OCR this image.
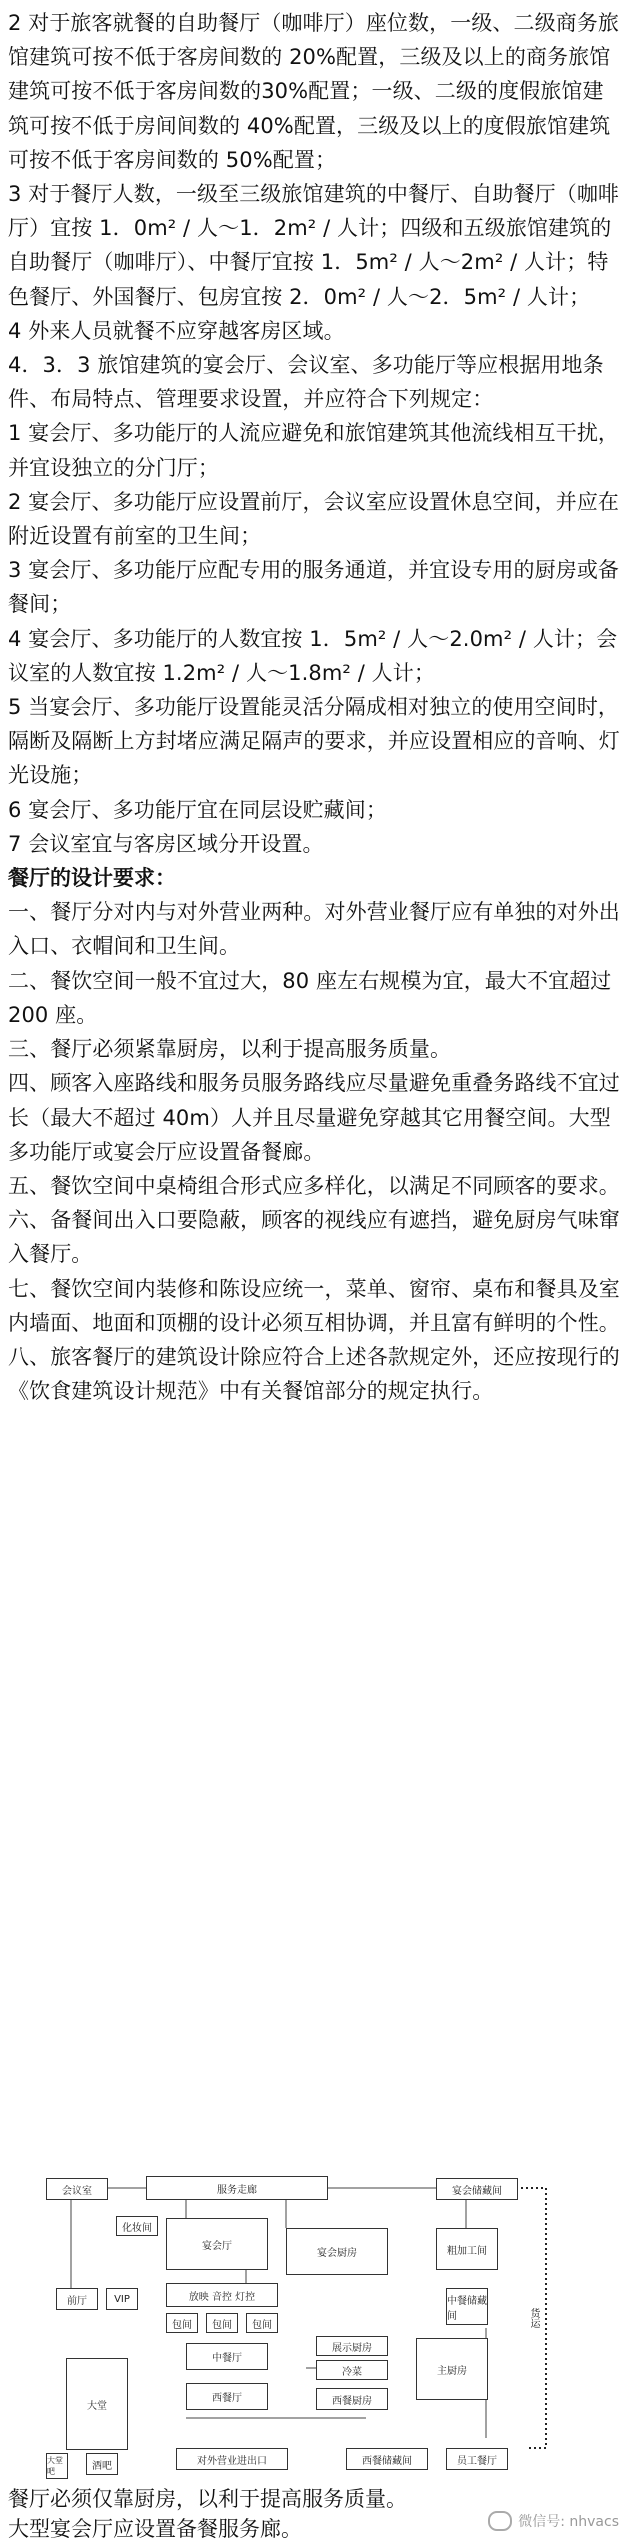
2 对于旅客就餐的自助餐厅（咖啡厅）座位数，一级、二级商务旅馆建筑可按不低于客房间数的 20%配置，三级及以上的商务旅馆建筑可按不低于客房间数的30%配置；一级、二级的度假旅馆建筑可按不低于房间间数的 40%配置，三级及以上的度假旅馆建筑可按不低于客房间数的 50%配置；

3 对于餐厅人数，一级至三级旅馆建筑的中餐厅、自助餐厅（咖啡厅）宜按 1．0m² / 人～1．2m² / 人计；四级和五级旅馆建筑的自助餐厅（咖啡厅）、中餐厅宜按 1．5m² / 人～2m² / 人计；特色餐厅、外国餐厅、包房宜按 2．0m² / 人～2．5m² / 人计；

4 外来人员就餐不应穿越客房区域。

4．3．3 旅馆建筑的宴会厅、会议室、多功能厅等应根据用地条件、布局特点、管理要求设置，并应符合下列规定：

1 宴会厅、多功能厅的人流应避免和旅馆建筑其他流线相互干扰，并宜设独立的分门厅；

2 宴会厅、多功能厅应设置前厅，会议室应设置休息空间，并应在附近设置有前室的卫生间；

3 宴会厅、多功能厅应配专用的服务通道，并宜设专用的厨房或备餐间；

4 宴会厅、多功能厅的人数宜按 1．5m² / 人～2.0m² / 人计；会议室的人数宜按 1.2m² / 人～1.8m² / 人计；

5 当宴会厅、多功能厅设置能灵活分隔成相对独立的使用空间时，隔断及隔断上方封堵应满足隔声的要求，并应设置相应的音响、灯光设施；

6 宴会厅、多功能厅宜在同层设贮藏间；

7 会议室宜与客房区域分开设置。

餐厅的设计要求：

一、餐厅分对内与对外营业两种。对外营业餐厅应有单独的对外出入口、衣帽间和卫生间。

二、餐饮空间一般不宜过大，80 座左右规模为宜，最大不宜超过 200 座。

三、餐厅必须紧靠厨房，以利于提高服务质量。

四、顾客入座路线和服务员服务路线应尽量避免重叠务路线不宜过长（最大不超过 40m）人并且尽量避免穿越其它用餐空间。大型多功能厅或宴会厅应设置备餐廊。

五、餐饮空间中桌椅组合形式应多样化，以满足不同顾客的要求。

六、备餐间出入口要隐蔽，顾客的视线应有遮挡，避免厨房气味窜入餐厅。

七、餐饮空间内装修和陈设应统一，菜单、窗帘、桌布和餐具及室内墙面、地面和顶棚的设计必须互相协调，并且富有鲜明的个性。

八、旅客餐厅的建筑设计除应符合上述各款规定外，还应按现行的《饮食建筑设计规范》中有关餐馆部分的规定执行。

会议室	服务走廊	宴会储藏间
化妆间
宴会厅
宴会厨房	粗加工间
前厅	VIP	放映 音控 灯控
包间	包间	包间
中餐储藏间
展示厨房
中餐厅
冷菜	主厨房
大堂
西餐厅	西餐厨房
大堂吧	酒吧	对外营业进出口	西餐储藏间	员工餐厅
货运
餐厅必须仅靠厨房，以利于提高服务质量。
大型宴会厅应设置备餐服务廊。	微信号: nhvacs
